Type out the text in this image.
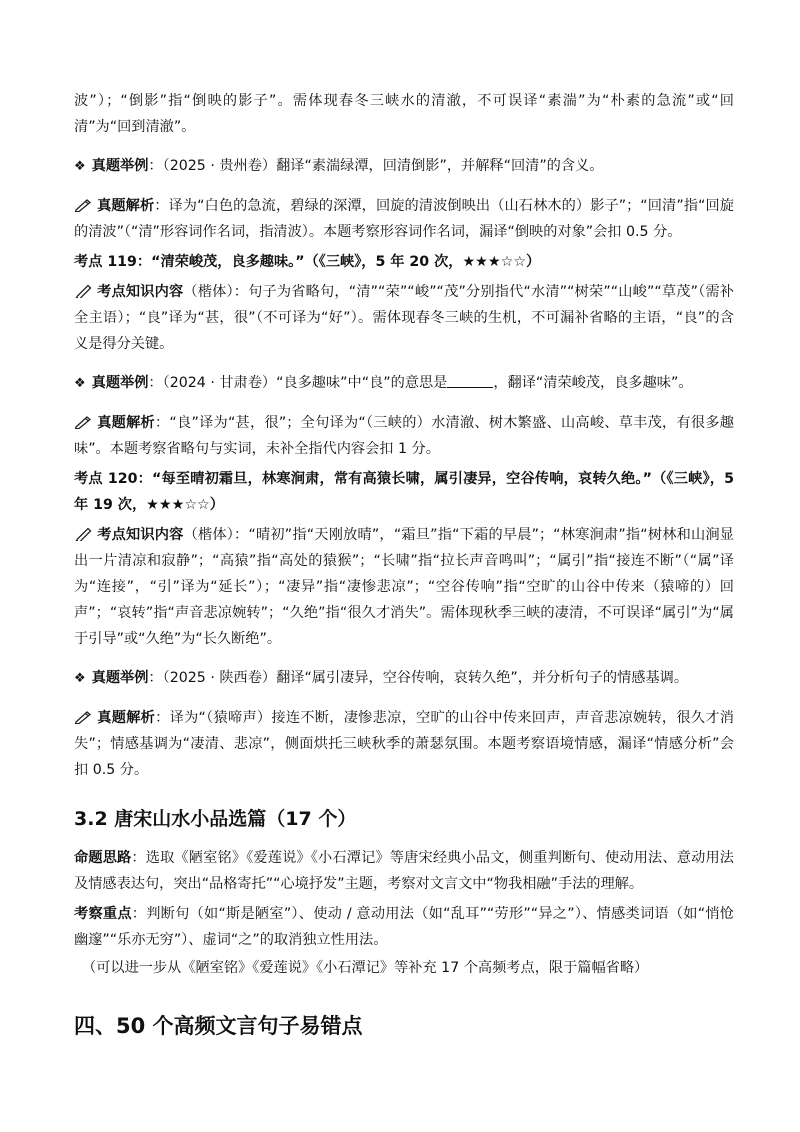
波”）；“倒影”指“倒映的影子”。需体现春冬三峡水的清澈，不可误译“素湍”为“朴素的急流”或“回清”为“回到清澈”。

❖ 真题举例：（2025 · 贵州卷）翻译“素湍绿潭，回清倒影”，并解释“回清”的含义。

真题解析：译为“白色的急流，碧绿的深潭，回旋的清波倒映出（山石林木的）影子”；“回清”指“回旋的清波”（“清”形容词作名词，指清波）。本题考察形容词作名词，漏译“倒映的对象”会扣 0.5 分。

考点 119：“清荣峻茂，良多趣味。”（《三峡》，5 年 20 次，★★★☆☆）

考点知识内容（楷体）：句子为省略句，“清”“荣”“峻”“茂”分别指代“水清”“树荣”“山峻”“草茂”（需补全主语）；“良”译为“甚，很”（不可译为“好”）。需体现春冬三峡的生机，不可漏补省略的主语，“良”的含义是得分关键。

❖ 真题举例：（2024 · 甘肃卷）“良多趣味”中“良”的意思是	，翻译“清荣峻茂，良多趣味”。

真题解析：“良”译为“甚，很”；全句译为“（三峡的）水清澈、树木繁盛、山高峻、草丰茂，有很多趣味”。本题考察省略句与实词，未补全指代内容会扣 1 分。

考点 120：“每至晴初霜旦，林寒涧肃，常有高猿长啸，属引凄异，空谷传响，哀转久绝。”（《三峡》，5 年 19 次，★★★☆☆）

考点知识内容（楷体）：“晴初”指“天刚放晴”，“霜旦”指“下霜的早晨”；“林寒涧肃”指“树林和山涧显出一片清凉和寂静”；“高猿”指“高处的猿猴”；“长啸”指“拉长声音鸣叫”；“属引”指“接连不断”（“属”译为“连接”，“引”译为“延长”）；“凄异”指“凄惨悲凉”；“空谷传响”指“空旷的山谷中传来（猿啼的）回声”；“哀转”指“声音悲凉婉转”；“久绝”指“很久才消失”。需体现秋季三峡的凄清，不可误译“属引”为“属于引导”或“久绝”为“长久断绝”。

❖ 真题举例：（2025 · 陕西卷）翻译“属引凄异，空谷传响，哀转久绝”，并分析句子的情感基调。

真题解析：译为“（猿啼声）接连不断，凄惨悲凉，空旷的山谷中传来回声，声音悲凉婉转，很久才消失”；情感基调为“凄清、悲凉”，侧面烘托三峡秋季的萧瑟氛围。本题考察语境情感，漏译“情感分析”会扣 0.5 分。

3.2 唐宋山水小品选篇（17 个）

命题思路：选取《陋室铭》《爱莲说》《小石潭记》等唐宋经典小品文，侧重判断句、使动用法、意动用法及情感表达句，突出“品格寄托”“心境抒发”主题，考察对文言文中“物我相融”手法的理解。

考察重点：判断句（如“斯是陋室”）、使动 / 意动用法（如“乱耳”“劳形”“异之”）、情感类词语（如“悄怆幽邃”“乐亦无穷”）、虚词“之”的取消独立性用法。

（可以进一步从《陋室铭》《爱莲说》《小石潭记》等补充 17 个高频考点，限于篇幅省略）

四、50 个高频文言句子易错点
